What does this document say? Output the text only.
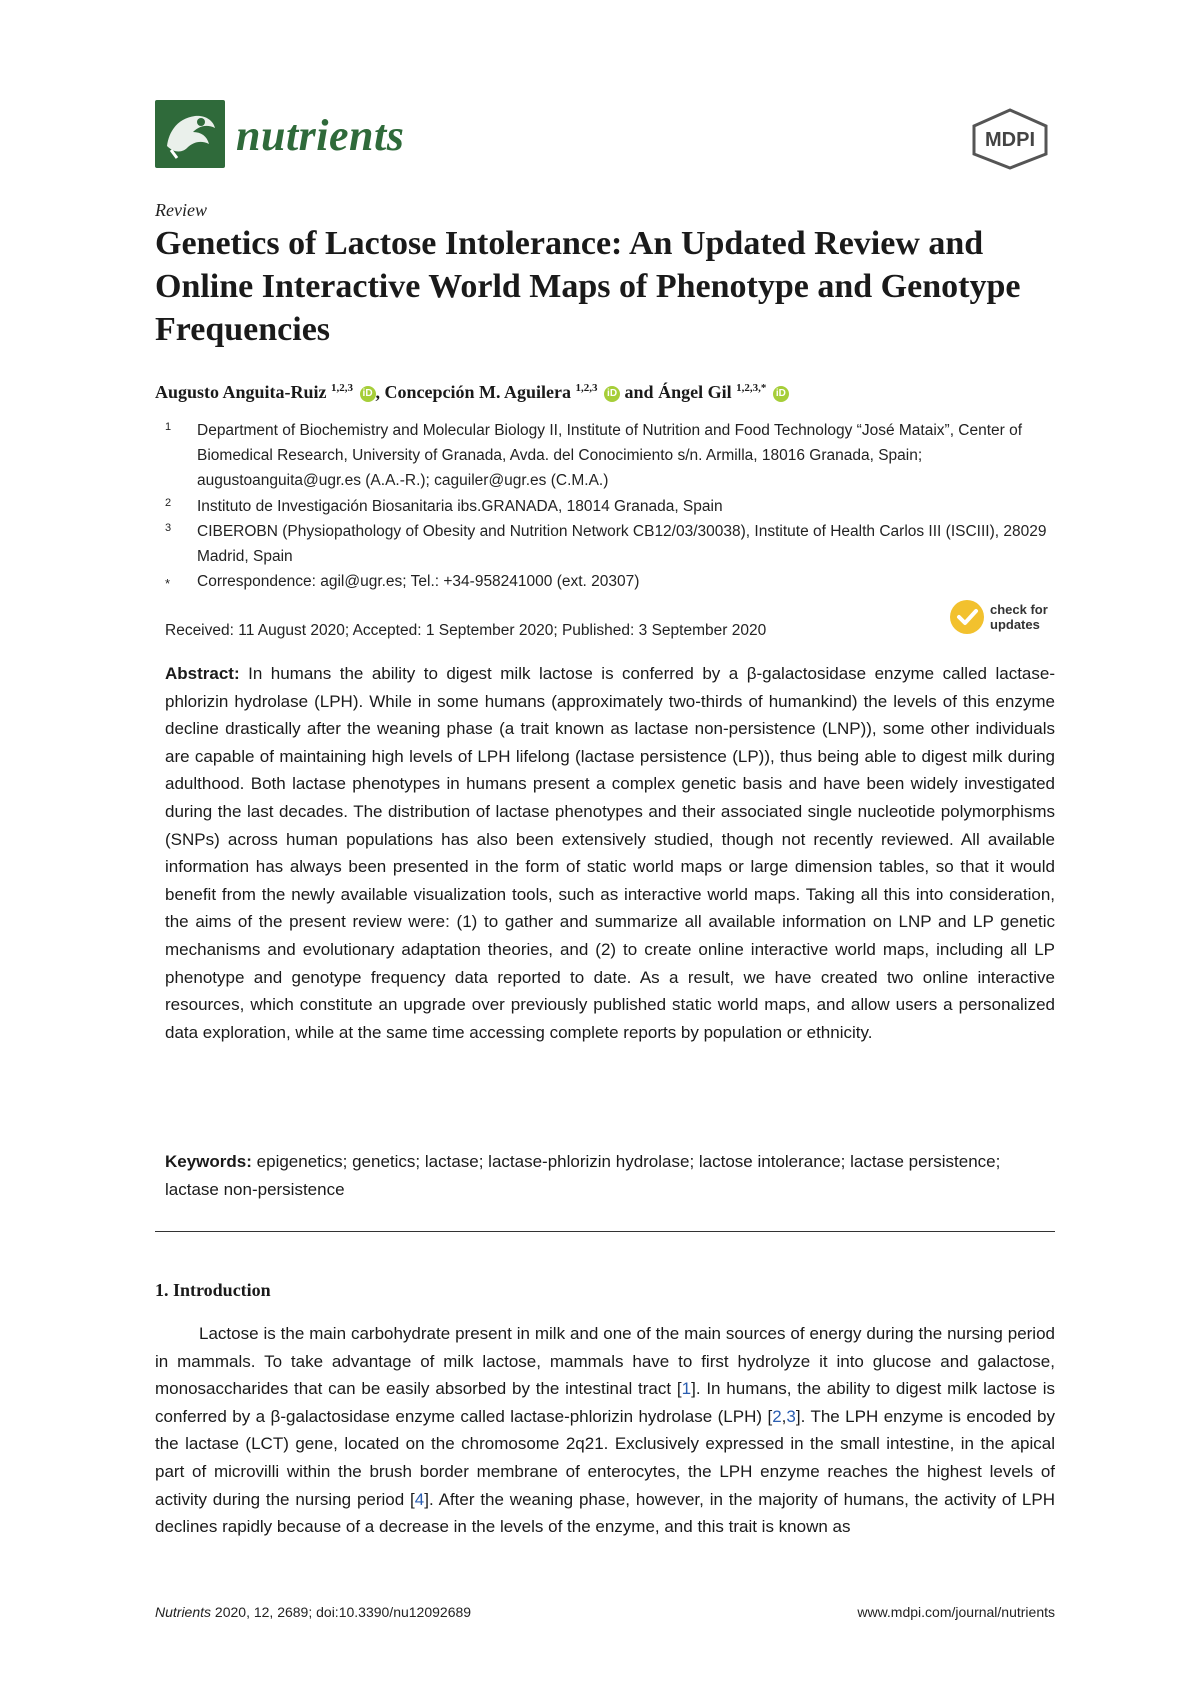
nutrients	MDPI
Review
Genetics of Lactose Intolerance: An Updated Review and Online Interactive World Maps of Phenotype and Genotype Frequencies
Augusto Anguita-Ruiz $^{1,2,3}$ iD , Concepción M. Aguilera $^{1,2,3}$ iD and Ángel Gil $^{1,2,3,*}$ iD
1 Department of Biochemistry and Molecular Biology II, Institute of Nutrition and Food Technology “José Mataix”, Center of Biomedical Research, University of Granada, Avda. del Conocimiento s/n. Armilla, 18016 Granada, Spain; augustoanguita@ugr.es (A.A.-R.); caguiler@ugr.es (C.M.A.)
2 Instituto de Investigación Biosanitaria ibs.GRANADA, 18014 Granada, Spain
3 CIBEROBN (Physiopathology of Obesity and Nutrition Network CB12/03/30038), Institute of Health Carlos III (ISCIII), 28029 Madrid, Spain
* Correspondence: agil@ugr.es; Tel.: +34-958241000 (ext. 20307)
Received: 11 August 2020; Accepted: 1 September 2020; Published: 3 September 2020
check for
updates
Abstract: In humans the ability to digest milk lactose is conferred by a β-galactosidase enzyme called lactase-phlorizin hydrolase (LPH). While in some humans (approximately two-thirds of humankind) the levels of this enzyme decline drastically after the weaning phase (a trait known as lactase non-persistence (LNP)), some other individuals are capable of maintaining high levels of LPH lifelong (lactase persistence (LP)), thus being able to digest milk during adulthood. Both lactase phenotypes in humans present a complex genetic basis and have been widely investigated during the last decades. The distribution of lactase phenotypes and their associated single nucleotide polymorphisms (SNPs) across human populations has also been extensively studied, though not recently reviewed. All available information has always been presented in the form of static world maps or large dimension tables, so that it would benefit from the newly available visualization tools, such as interactive world maps. Taking all this into consideration, the aims of the present review were: (1) to gather and summarize all available information on LNP and LP genetic mechanisms and evolutionary adaptation theories, and (2) to create online interactive world maps, including all LP phenotype and genotype frequency data reported to date. As a result, we have created two online interactive resources, which constitute an upgrade over previously published static world maps, and allow users a personalized data exploration, while at the same time accessing complete reports by population or ethnicity.
Keywords: epigenetics; genetics; lactase; lactase-phlorizin hydrolase; lactose intolerance; lactase persistence; lactase non-persistence
1. Introduction
Lactose is the main carbohydrate present in milk and one of the main sources of energy during the nursing period in mammals. To take advantage of milk lactose, mammals have to first hydrolyze it into glucose and galactose, monosaccharides that can be easily absorbed by the intestinal tract [1]. In humans, the ability to digest milk lactose is conferred by a β-galactosidase enzyme called lactase-phlorizin hydrolase (LPH) [2,3]. The LPH enzyme is encoded by the lactase (LCT) gene, located on the chromosome 2q21. Exclusively expressed in the small intestine, in the apical part of microvilli within the brush border membrane of enterocytes, the LPH enzyme reaches the highest levels of activity during the nursing period [4]. After the weaning phase, however, in the majority of humans, the activity of LPH declines rapidly because of a decrease in the levels of the enzyme, and this trait is known as
Nutrients 2020, 12, 2689; doi:10.3390/nu12092689	www.mdpi.com/journal/nutrients
